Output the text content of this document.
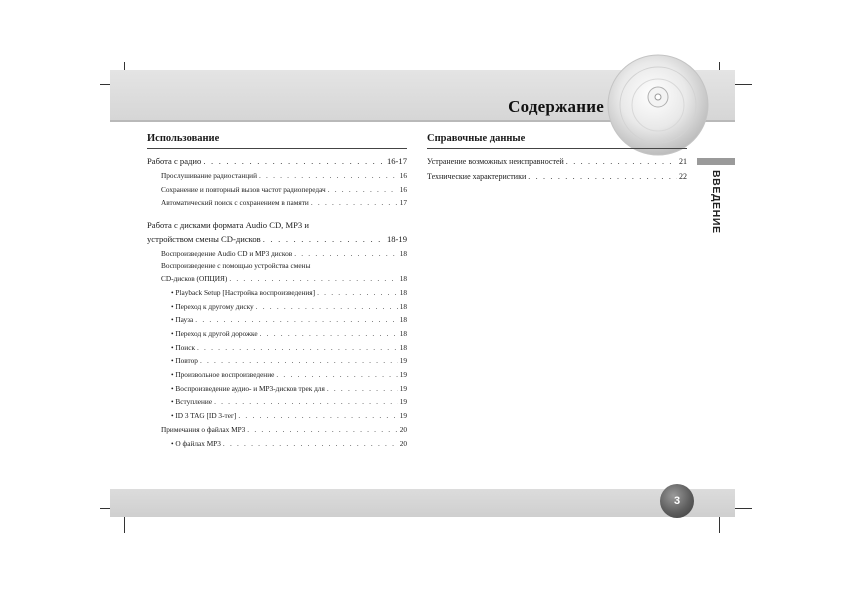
Содержание
ВВЕДЕНИЕ
Использование
Работа с радио . . .	16-17
Прослушивание радиостанций . . .	16
Сохранение и повторный вызов частот радиопередач . . .	16
Автоматический поиск с сохранением в памяти . . .	17
Работа с дисками формата Audio CD, MP3 и
устройством смены CD-дисков . . .	18-19
Воспроизведение Audio CD и MP3 дисков . . .	18
Воспроизведение с помощью устройства смены
CD-дисков (ОПЦИЯ) . . .	18
• Playback Setup [Настройка воспроизведения] . . .	18
• Переход к другому диску . . .	18
• Пауза . . .	18
• Переход к другой дорожке . . .	18
• Поиск . . .	18
• Повтор . . .	19
• Произвольное воспроизведение . . .	19
• Воспроизведение аудио- и MP3-дисков трек для . . .	19
• Вступление . . .	19
• ID 3 TAG [ID 3-тег] . . .	19
Примечания о файлах MP3 . . .	20
• О файлах MP3 . . .	20
Справочные данные
Устранение возможных неисправностей . . .	21
Технические характеристики . . .	22
3
